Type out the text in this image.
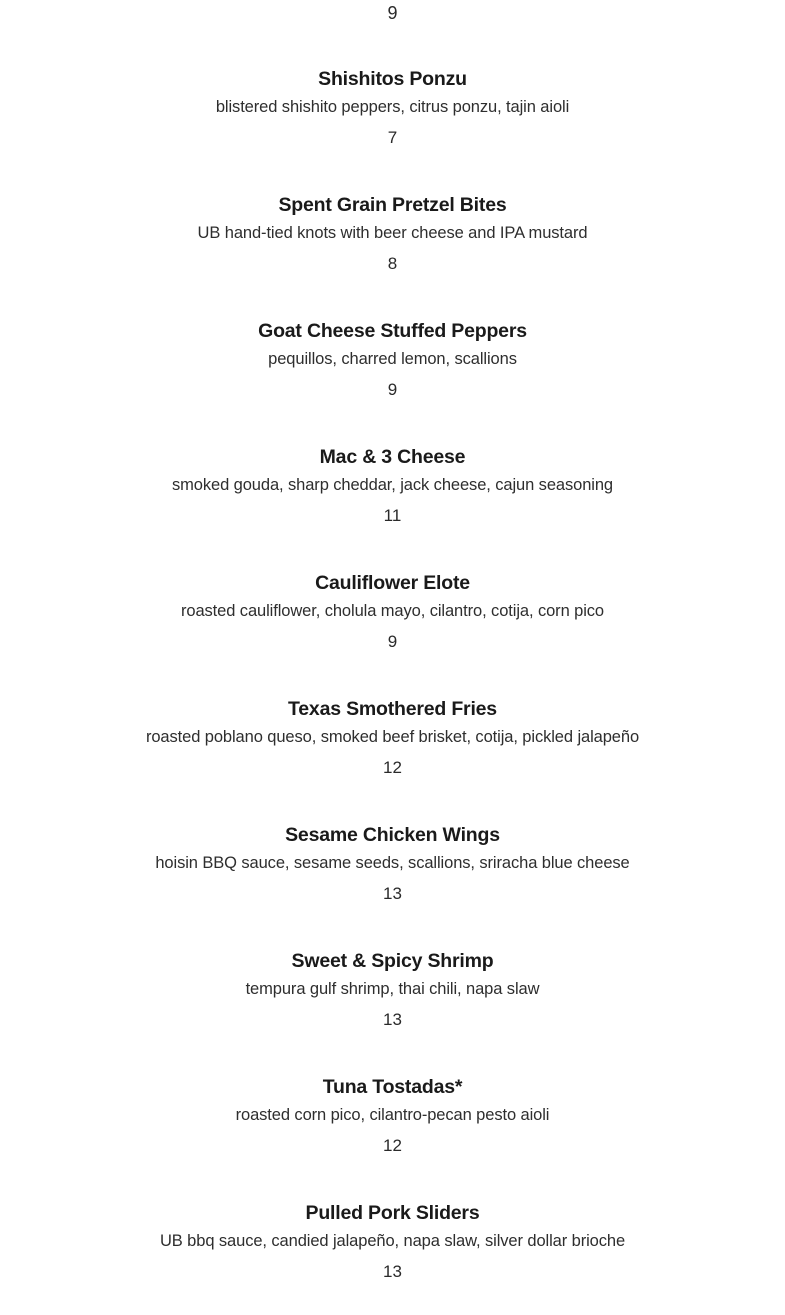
9
Shishitos Ponzu
blistered shishito peppers, citrus ponzu, tajin aioli
7
Spent Grain Pretzel Bites
UB hand-tied knots with beer cheese and IPA mustard
8
Goat Cheese Stuffed Peppers
pequillos, charred lemon, scallions
9
Mac & 3 Cheese
smoked gouda, sharp cheddar, jack cheese, cajun seasoning
11
Cauliflower Elote
roasted cauliflower, cholula mayo, cilantro, cotija, corn pico
9
Texas Smothered Fries
roasted poblano queso, smoked beef brisket, cotija, pickled jalapeño
12
Sesame Chicken Wings
hoisin BBQ sauce, sesame seeds, scallions, sriracha blue cheese
13
Sweet & Spicy Shrimp
tempura gulf shrimp, thai chili, napa slaw
13
Tuna Tostadas*
roasted corn pico, cilantro-pecan pesto aioli
12
Pulled Pork Sliders
UB bbq sauce, candied jalapeño, napa slaw, silver dollar brioche
13
